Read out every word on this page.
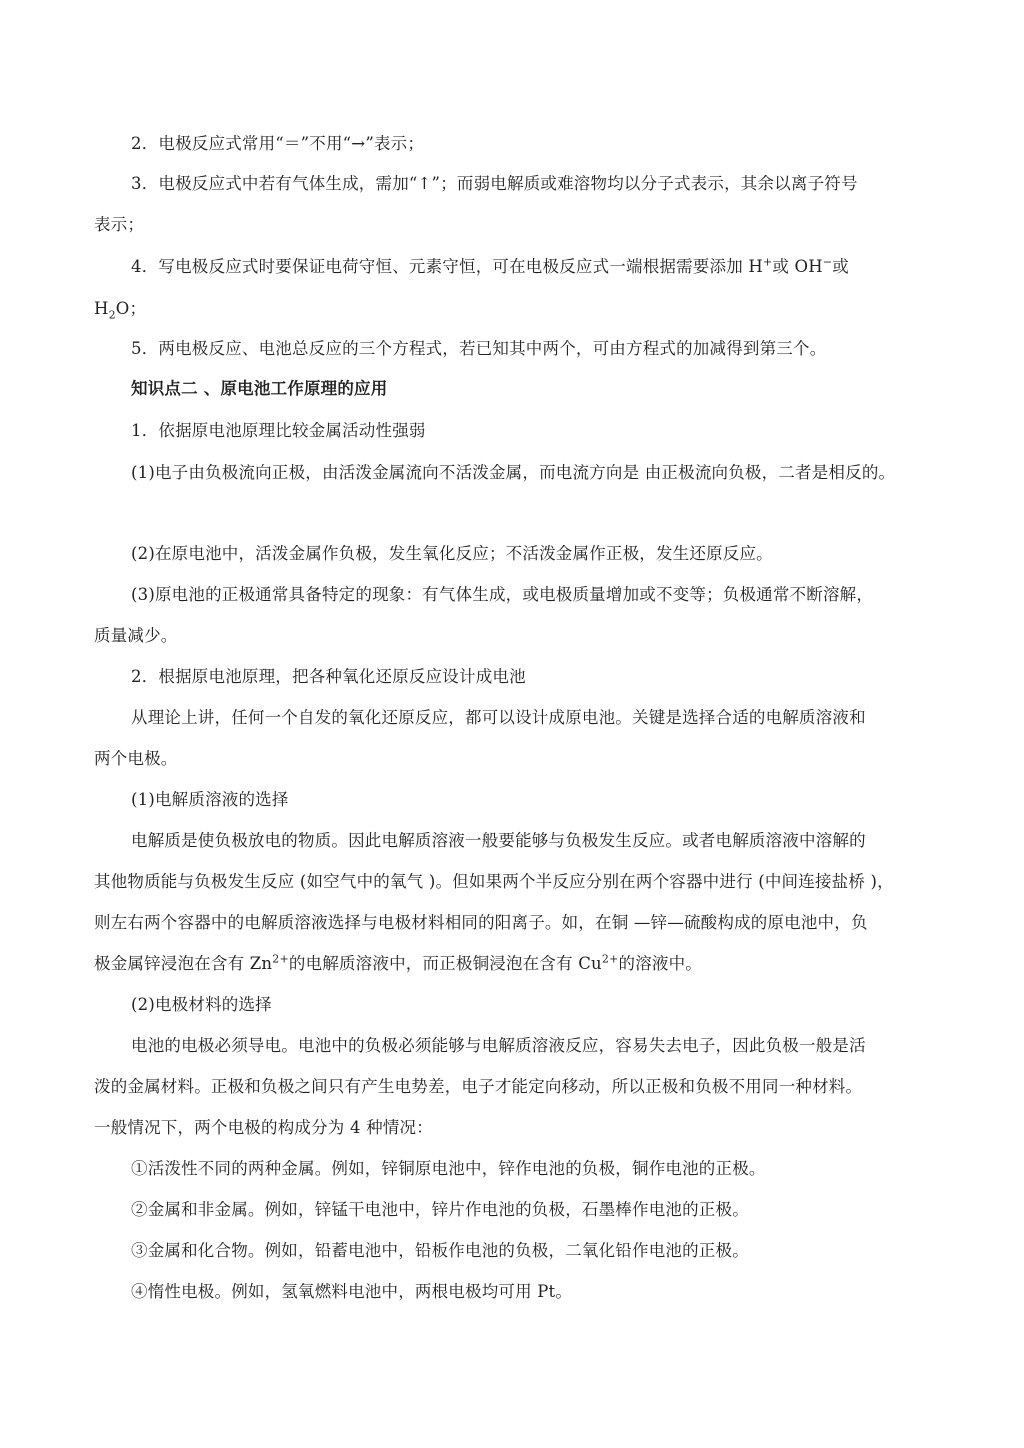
2．电极反应式常用“＝”不用“→”表示；
3．电极反应式中若有气体生成，需加“↑”；而弱电解质或难溶物均以分子式表示，其余以离子符号
表示；
4．写电极反应式时要保证电荷守恒、元素守恒，可在电极反应式一端根据需要添加 H+或 OH−或
$H_2O$；
5．两电极反应、电池总反应的三个方程式，若已知其中两个，可由方程式的加减得到第三个。
知识点二 、原电池工作原理的应用
1．依据原电池原理比较金属活动性强弱
(1)电子由负极流向正极，由活泼金属流向不活泼金属，而电流方向是 由正极流向负极，二者是相反的。
(2)在原电池中，活泼金属作负极，发生氧化反应；不活泼金属作正极，发生还原反应。
(3)原电池的正极通常具备特定的现象：有气体生成，或电极质量增加或不变等；负极通常不断溶解，
质量减少。
2．根据原电池原理，把各种氧化还原反应设计成电池
从理论上讲，任何一个自发的氧化还原反应，都可以设计成原电池。关键是选择合适的电解质溶液和
两个电极。
(1)电解质溶液的选择
电解质是使负极放电的物质。因此电解质溶液一般要能够与负极发生反应。或者电解质溶液中溶解的
其他物质能与负极发生反应 (如空气中的氧气 )。但如果两个半反应分别在两个容器中进行 (中间连接盐桥 )，
则左右两个容器中的电解质溶液选择与电极材料相同的阳离子。如，在铜 —锌—硫酸构成的原电池中，负
极金属锌浸泡在含有 $Zn^{2+}$的电解质溶液中，而正极铜浸泡在含有 $Cu^{2+}$的溶液中。
(2)电极材料的选择
电池的电极必须导电。电池中的负极必须能够与电解质溶液反应，容易失去电子，因此负极一般是活
泼的金属材料。正极和负极之间只有产生电势差，电子才能定向移动，所以正极和负极不用同一种材料。
一般情况下，两个电极的构成分为 4 种情况：
①活泼性不同的两种金属。例如，锌铜原电池中，锌作电池的负极，铜作电池的正极。
②金属和非金属。例如，锌锰干电池中，锌片作电池的负极，石墨棒作电池的正极。
③金属和化合物。例如，铅蓄电池中，铅板作电池的负极，二氧化铅作电池的正极。
④惰性电极。例如，氢氧燃料电池中，两根电极均可用 Pt。
